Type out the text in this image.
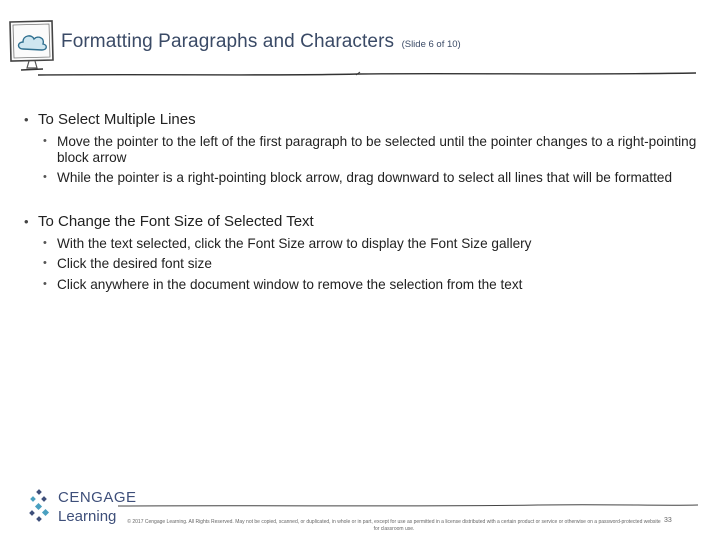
Formatting Paragraphs and Characters (Slide 6 of 10)
• To Select Multiple Lines
• Move the pointer to the left of the first paragraph to be selected until the pointer changes to a right-pointing block arrow
• While the pointer is a right-pointing block arrow, drag downward to select all lines that will be formatted
• To Change the Font Size of Selected Text
• With the text selected, click the Font Size arrow to display the Font Size gallery
• Click the desired font size
• Click anywhere in the document window to remove the selection from the text
CENGAGE
Learning	© 2017 Cengage Learning. All Rights Reserved. May not be copied, scanned, or duplicated, in whole or in part, except for use as permitted in a license distributed with a certain product or service or otherwise on a password-protected website for classroom use.
33
